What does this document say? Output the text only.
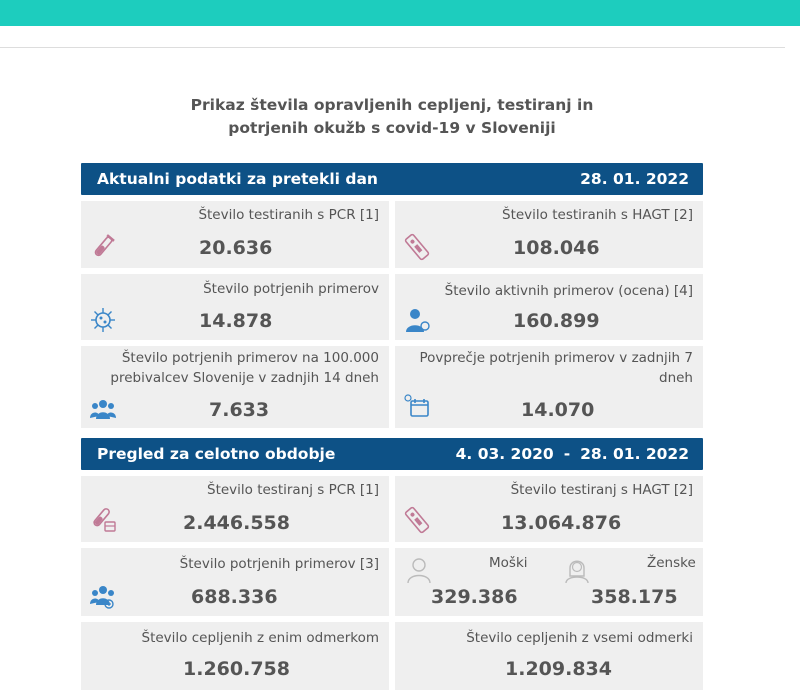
Prikaz števila opravljenih cepljenj, testiranj in
potrjenih okužb s covid-19 v Sloveniji
Aktualni podatki za pretekli dan	28. 01. 2022
Število testiranih s PCR [1]
20.636
Število testiranih s HAGT [2]
108.046
Število potrjenih primerov
14.878
Število aktivnih primerov (ocena) [4]
160.899
Število potrjenih primerov na 100.000
prebivalcev Slovenije v zadnjih 14 dneh
7.633
Povprečje potrjenih primerov v zadnjih 7
dneh
14.070
Pregled za celotno obdobje	4. 03. 2020 - 28. 01. 2022
Število testiranj s PCR [1]
2.446.558
Število testiranj s HAGT [2]
13.064.876
Število potrjenih primerov [3]
688.336
Moški
329.386
Ženske
358.175
Število cepljenih z enim odmerkom
1.260.758
Število cepljenih z vsemi odmerki
1.209.834
